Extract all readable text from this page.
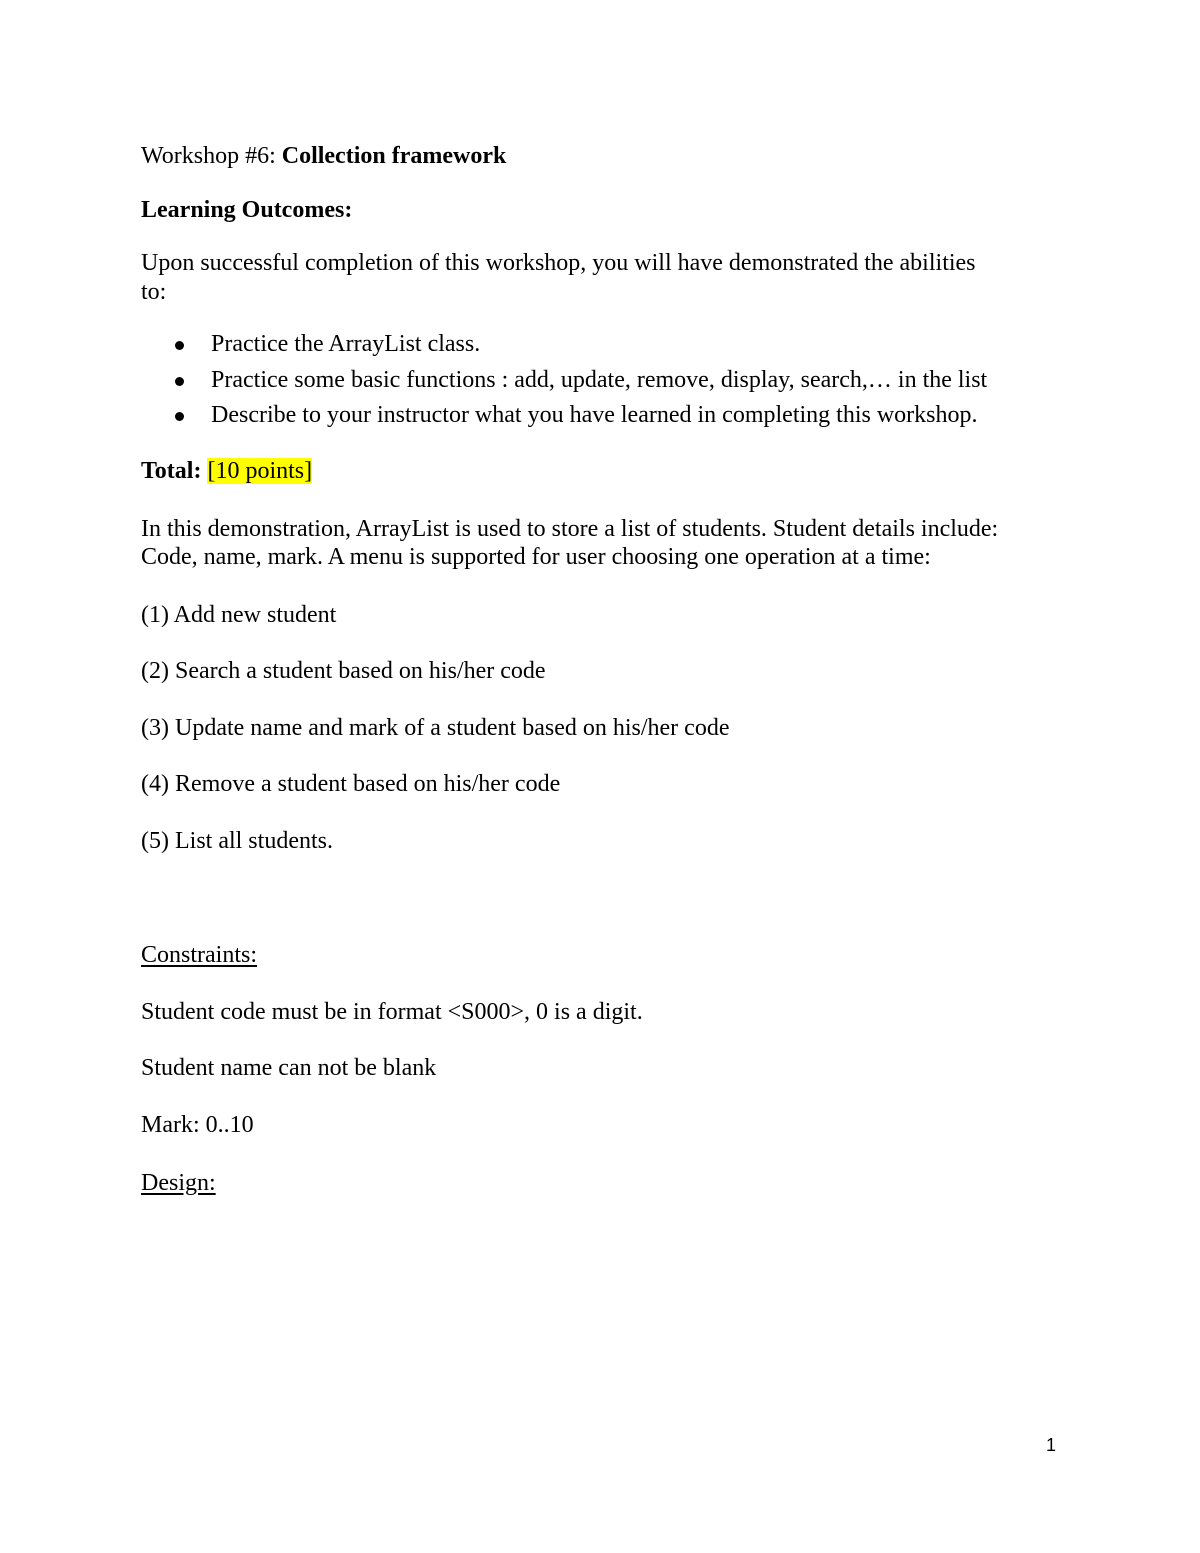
Workshop #6: Collection framework

Learning Outcomes:

Upon successful completion of this workshop, you will have demonstrated the abilities

to:

Practice the ArrayList class.
Practice some basic functions : add, update, remove, display, search,… in the list
Describe to your instructor what you have learned in completing this workshop.

Total: [10 points]

In this demonstration, ArrayList is used to store a list of students. Student details include:

Code, name, mark. A menu is supported for user choosing one operation at a time:

(1) Add new student

(2) Search a student based on his/her code

(3) Update name and mark of a student based on his/her code

(4) Remove a student based on his/her code

(5) List all students.

Constraints:

Student code must be in format <S000>, 0 is a digit.

Student name can not be blank

Mark: 0..10

Design:

1
